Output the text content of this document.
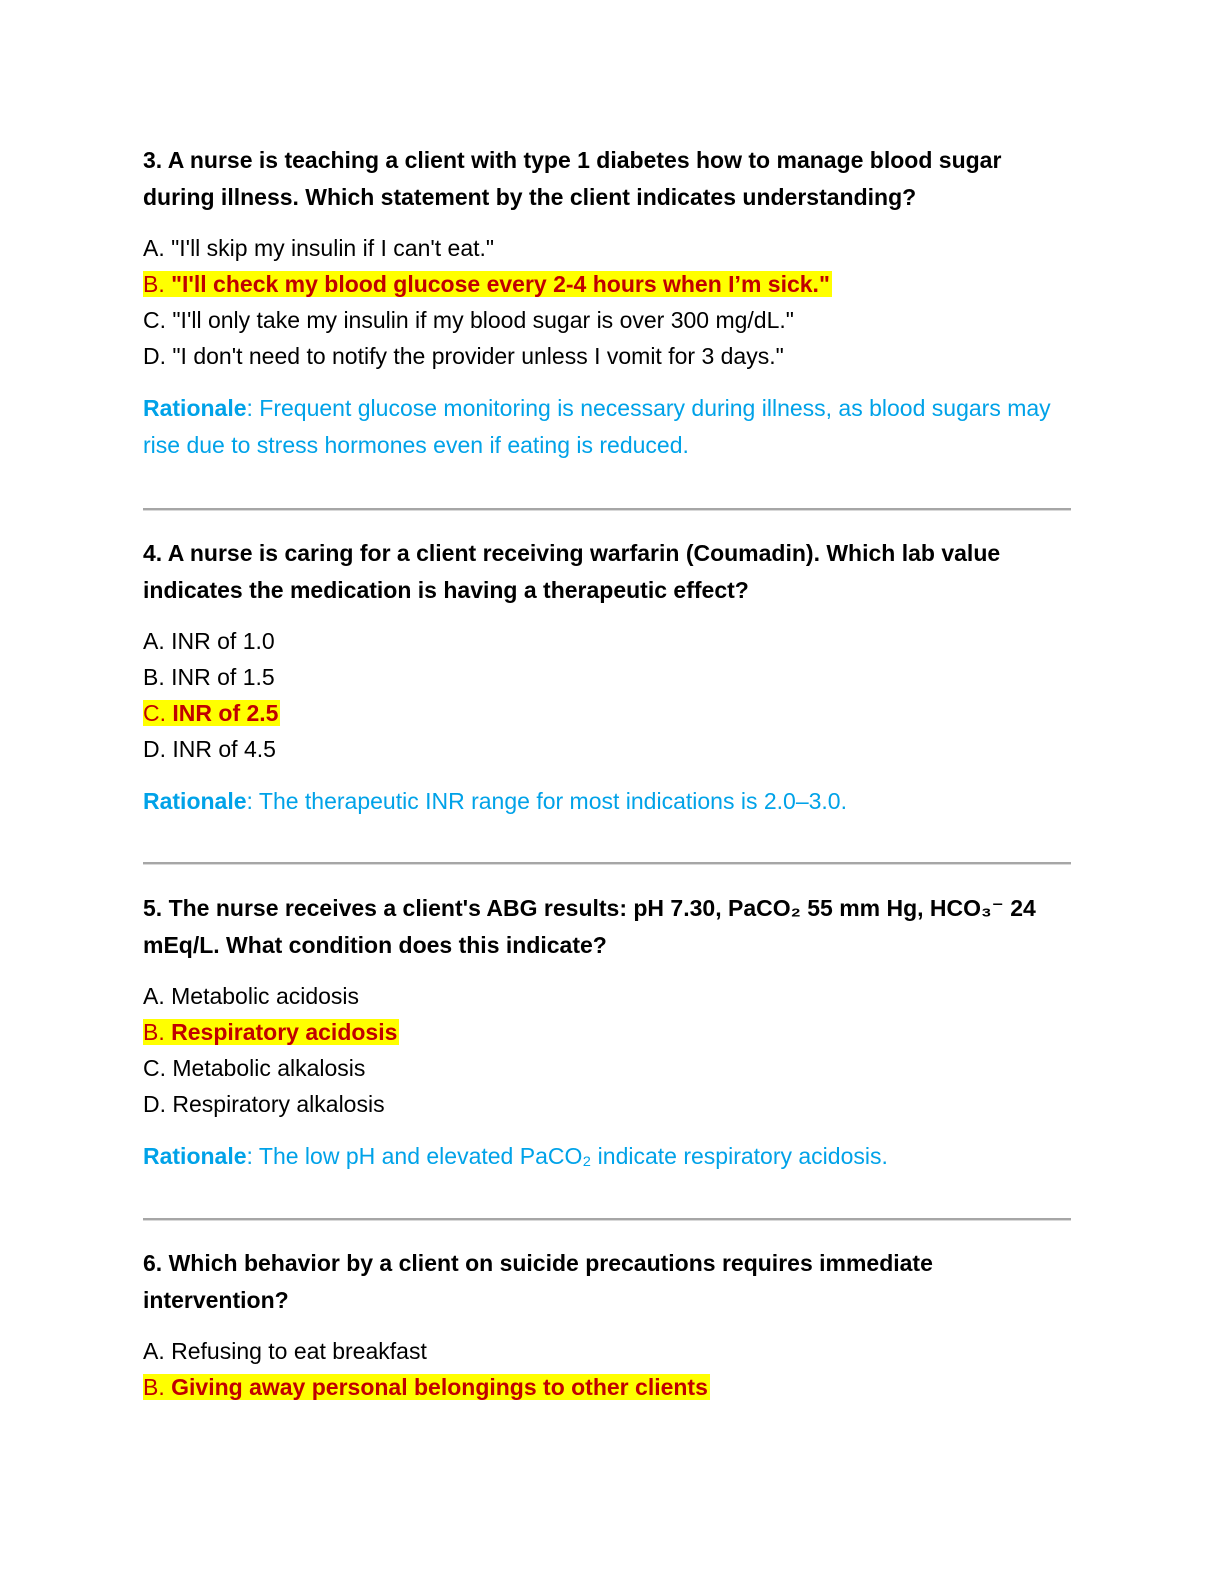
3. A nurse is teaching a client with type 1 diabetes how to manage blood sugar during illness. Which statement by the client indicates understanding?

A. "I'll skip my insulin if I can't eat."
B. "I'll check my blood glucose every 2-4 hours when I’m sick."
C. "I'll only take my insulin if my blood sugar is over 300 mg/dL."
D. "I don't need to notify the provider unless I vomit for 3 days."
Rationale: Frequent glucose monitoring is necessary during illness, as blood sugars may rise due to stress hormones even if eating is reduced.

4. A nurse is caring for a client receiving warfarin (Coumadin). Which lab value indicates the medication is having a therapeutic effect?

A. INR of 1.0
B. INR of 1.5
C. INR of 2.5
D. INR of 4.5
Rationale: The therapeutic INR range for most indications is 2.0–3.0.

5. The nurse receives a client's ABG results: pH 7.30, PaCO₂ 55 mm Hg, HCO₃⁻ 24 mEq/L. What condition does this indicate?

A. Metabolic acidosis
B. Respiratory acidosis
C. Metabolic alkalosis
D. Respiratory alkalosis
Rationale: The low pH and elevated PaCO₂ indicate respiratory acidosis.

6. Which behavior by a client on suicide precautions requires immediate intervention?

A. Refusing to eat breakfast
B. Giving away personal belongings to other clients
